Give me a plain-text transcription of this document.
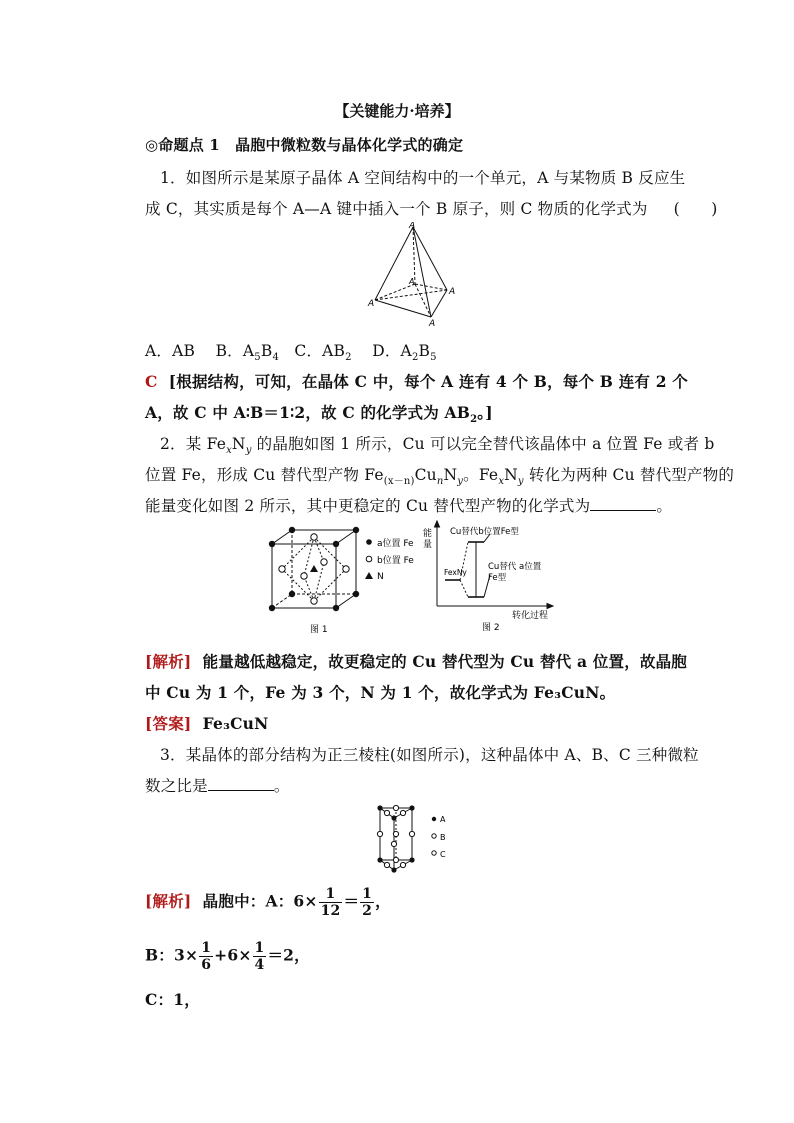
【关键能力·培养】
◎命题点 1　晶胞中微粒数与晶体化学式的确定
1．如图所示是某原子晶体 A 空间结构中的一个单元，A 与某物质 B 反应生
成 C，其实质是每个 A—A 键中插入一个 B 原子，则 C 物质的化学式为 (　　)
A
A
A
A
A
A．AB B．$A_5B_4$ C．$AB_2$ D．$A_2B_5$
C [根据结构，可知，在晶体 C 中，每个 A 连有 4 个 B，每个 B 连有 2 个
A，故 C 中 A∶B＝1∶2，故 C 的化学式为 $AB_2$。]
2．某 $Fe_xN_y$ 的晶胞如图 1 所示，Cu 可以完全替代该晶体中 a 位置 Fe 或者 b
位置 Fe，形成 Cu 替代型产物 $Fe_{(x-n)}Cu_nN_y$。$Fe_xN_y$ 转化为两种 Cu 替代型产物的
能量变化如图 2 所示，其中更稳定的 Cu 替代型产物的化学式为	。
a位置 Fe
b位置 Fe
N
图 1
能
量
转化过程
Cu替代b位置Fe型
Cu替代 a位置
Fe型
FexNy
图 2
[解析] 能量越低越稳定，故更稳定的 Cu 替代型为 Cu 替代 a 位置，故晶胞
中 Cu 为 1 个，Fe 为 3 个，N 为 1 个，故化学式为 Fe₃CuN。
[答案] Fe₃CuN
3．某晶体的部分结构为正三棱柱(如图所示)，这种晶体中 A、B、C 三种微粒
数之比是	。
A
B
C
[解析] 晶胞中：A：$6\times \frac{1}{12} = \frac{1}{2}$ ，
B：$3\times \frac{1}{6} +6\times \frac{1}{4} =2$，
C：1，
